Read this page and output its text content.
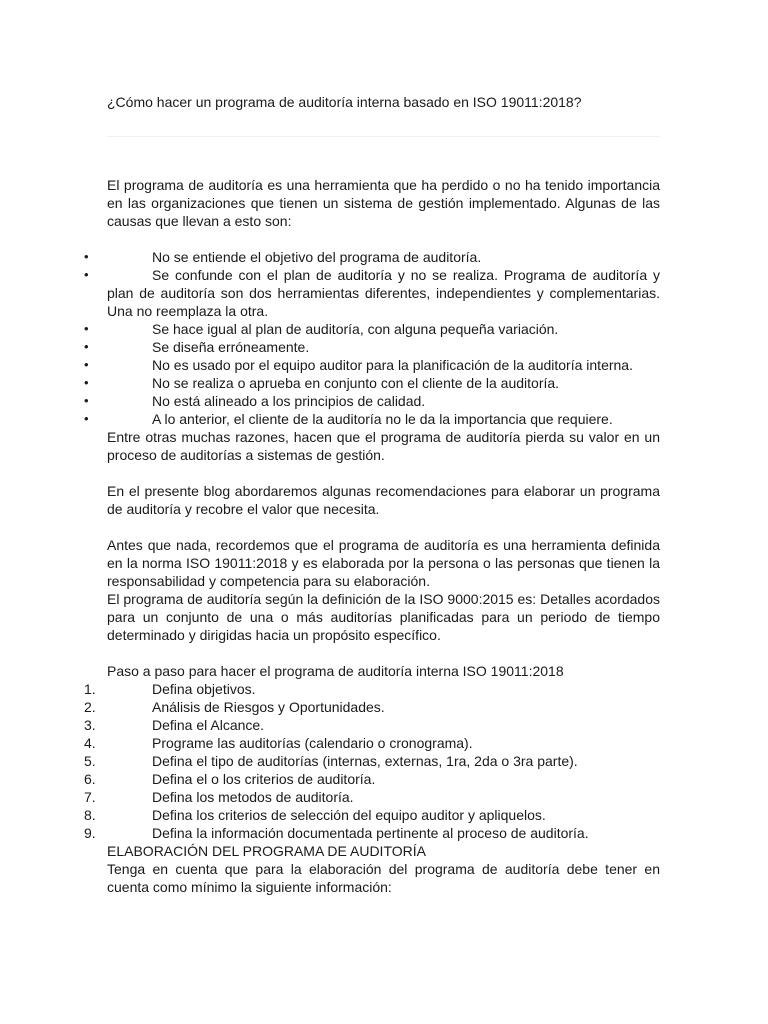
¿Cómo hacer un programa de auditoría interna basado en ISO 19011:2018?

El programa de auditoría es una herramienta que ha perdido o no ha tenido importancia en las organizaciones que tienen un sistema de gestión implementado. Algunas de las causas que llevan a esto son:

•	No se entiende el objetivo del programa de auditoría.
•	Se confunde con el plan de auditoría y no se realiza. Programa de auditoría y plan de auditoría son dos herramientas diferentes, independientes y complementarias. Una no reemplaza la otra.
•	Se hace igual al plan de auditoría, con alguna pequeña variación.
•	Se diseña erróneamente.
•	No es usado por el equipo auditor para la planificación de la auditoría interna.
•	No se realiza o aprueba en conjunto con el cliente de la auditoría.
•	No está alineado a los principios de calidad.
•	A lo anterior, el cliente de la auditoría no le da la importancia que requiere.

Entre otras muchas razones, hacen que el programa de auditoría pierda su valor en un proceso de auditorías a sistemas de gestión.

En el presente blog abordaremos algunas recomendaciones para elaborar un programa de auditoría y recobre el valor que necesita.

Antes que nada, recordemos que el programa de auditoría es una herramienta definida en la norma ISO 19011:2018 y es elaborada por la persona o las personas que tienen la responsabilidad y competencia para su elaboración.

El programa de auditoría según la definición de la ISO 9000:2015 es: Detalles acordados para un conjunto de una o más auditorías planificadas para un periodo de tiempo determinado y dirigidas hacia un propósito específico.

Paso a paso para hacer el programa de auditoría interna ISO 19011:2018

1.	Defina objetivos.
2.	Análisis de Riesgos y Oportunidades.
3.	Defina el Alcance.
4.	Programe las auditorías (calendario o cronograma).
5.	Defina el tipo de auditorías (internas, externas, 1ra, 2da o 3ra parte).
6.	Defina el o los criterios de auditoría.
7.	Defina los metodos de auditoría.
8.	Defina los criterios de selección del equipo auditor y apliquelos.
9.	Defina la información documentada pertinente al proceso de auditoría.

ELABORACIÓN DEL PROGRAMA DE AUDITORÍA

Tenga en cuenta que para la elaboración del programa de auditoría debe tener en cuenta como mínimo la siguiente información:
